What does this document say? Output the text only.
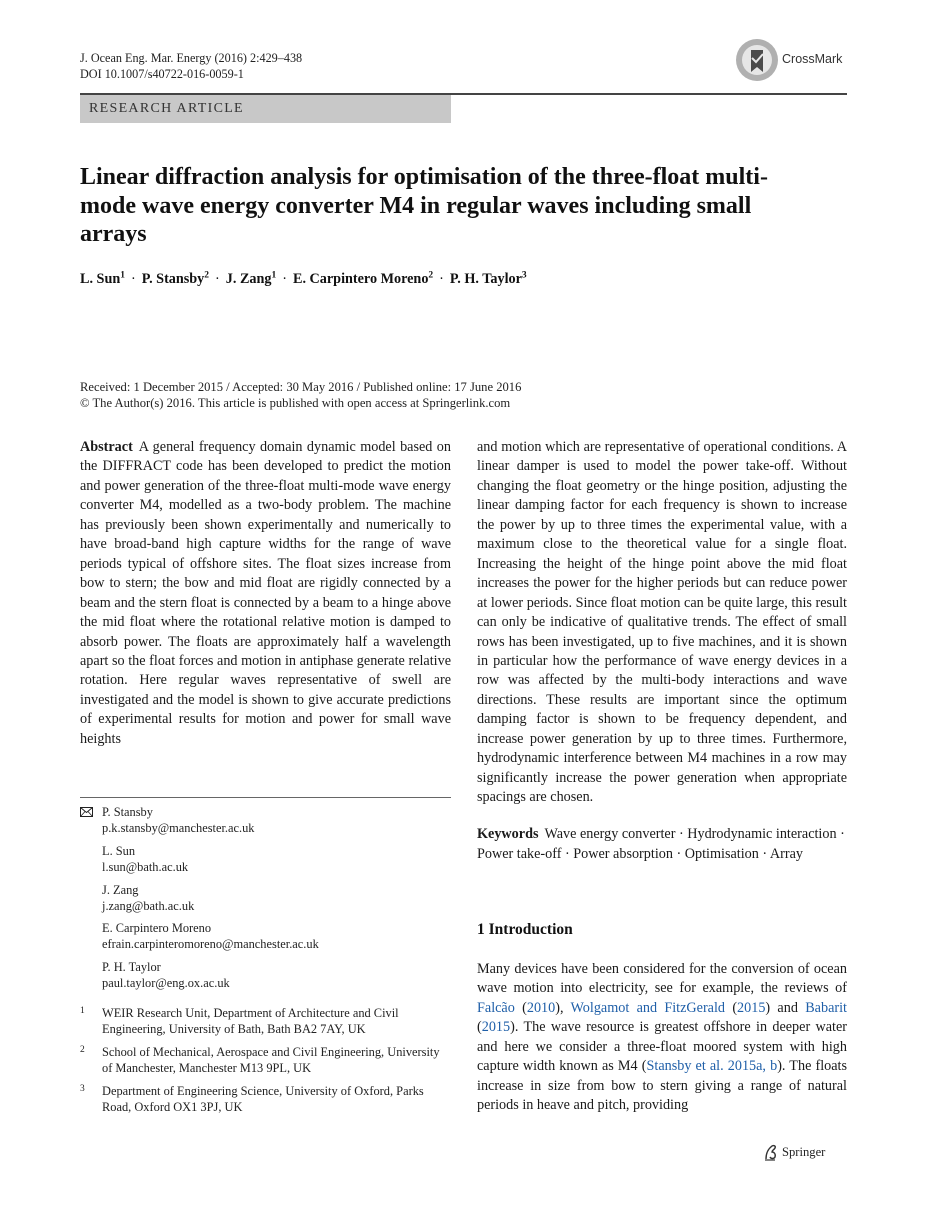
J. Ocean Eng. Mar. Energy (2016) 2:429–438
DOI 10.1007/s40722-016-0059-1
CrossMark
RESEARCH ARTICLE
Linear diffraction analysis for optimisation of the three-float multi-mode wave energy converter M4 in regular waves including small arrays
L. Sun$^1$ · P. Stansby$^2$ · J. Zang$^1$ · E. Carpintero Moreno$^2$ · P. H. Taylor$^3$
Received: 1 December 2015 / Accepted: 30 May 2016 / Published online: 17 June 2016
© The Author(s) 2016. This article is published with open access at Springerlink.com
Abstract A general frequency domain dynamic model based on the DIFFRACT code has been developed to predict the motion and power generation of the three-float multi-mode wave energy converter M4, modelled as a two-body problem. The machine has previously been shown experimentally and numerically to have broad-band high capture widths for the range of wave periods typical of offshore sites. The float sizes increase from bow to stern; the bow and mid float are rigidly connected by a beam and the stern float is connected by a beam to a hinge above the mid float where the rotational relative motion is damped to absorb power. The floats are approximately half a wavelength apart so the float forces and motion in antiphase generate relative rotation. Here regular waves representative of swell are investigated and the model is shown to give accurate predictions of experimental results for motion and power for small wave heights
and motion which are representative of operational conditions. A linear damper is used to model the power take-off. Without changing the float geometry or the hinge position, adjusting the linear damping factor for each frequency is shown to increase the power by up to three times the experimental value, with a maximum close to the theoretical value for a single float. Increasing the height of the hinge point above the mid float increases the power for the higher periods but can reduce power at lower periods. Since float motion can be quite large, this result can only be indicative of qualitative trends. The effect of small rows has been investigated, up to five machines, and it is shown in particular how the performance of wave energy devices in a row was affected by the multi-body interactions and wave directions. These results are important since the optimum damping factor is shown to be frequency dependent, and increase power generation by up to three times. Furthermore, hydrodynamic interference between M4 machines in a row may significantly increase the power generation when appropriate spacings are chosen.
P. Stansby
p.k.stansby@manchester.ac.uk
L. Sun
l.sun@bath.ac.uk
J. Zang
j.zang@bath.ac.uk
E. Carpintero Moreno
efrain.carpinteromoreno@manchester.ac.uk
P. H. Taylor
paul.taylor@eng.ox.ac.uk
1 WEIR Research Unit, Department of Architecture and Civil Engineering, University of Bath, Bath BA2 7AY, UK
2 School of Mechanical, Aerospace and Civil Engineering, University of Manchester, Manchester M13 9PL, UK
3 Department of Engineering Science, University of Oxford, Parks Road, Oxford OX1 3PJ, UK
Keywords Wave energy converter · Hydrodynamic interaction · Power take-off · Power absorption · Optimisation · Array
1 Introduction
Many devices have been considered for the conversion of ocean wave motion into electricity, see for example, the reviews of Falcão (2010), Wolgamot and FitzGerald (2015) and Babarit (2015). The wave resource is greatest offshore in deeper water and here we consider a three-float moored system with high capture width known as M4 (Stansby et al. 2015a, b). The floats increase in size from bow to stern giving a range of natural periods in heave and pitch, providing
Springer
